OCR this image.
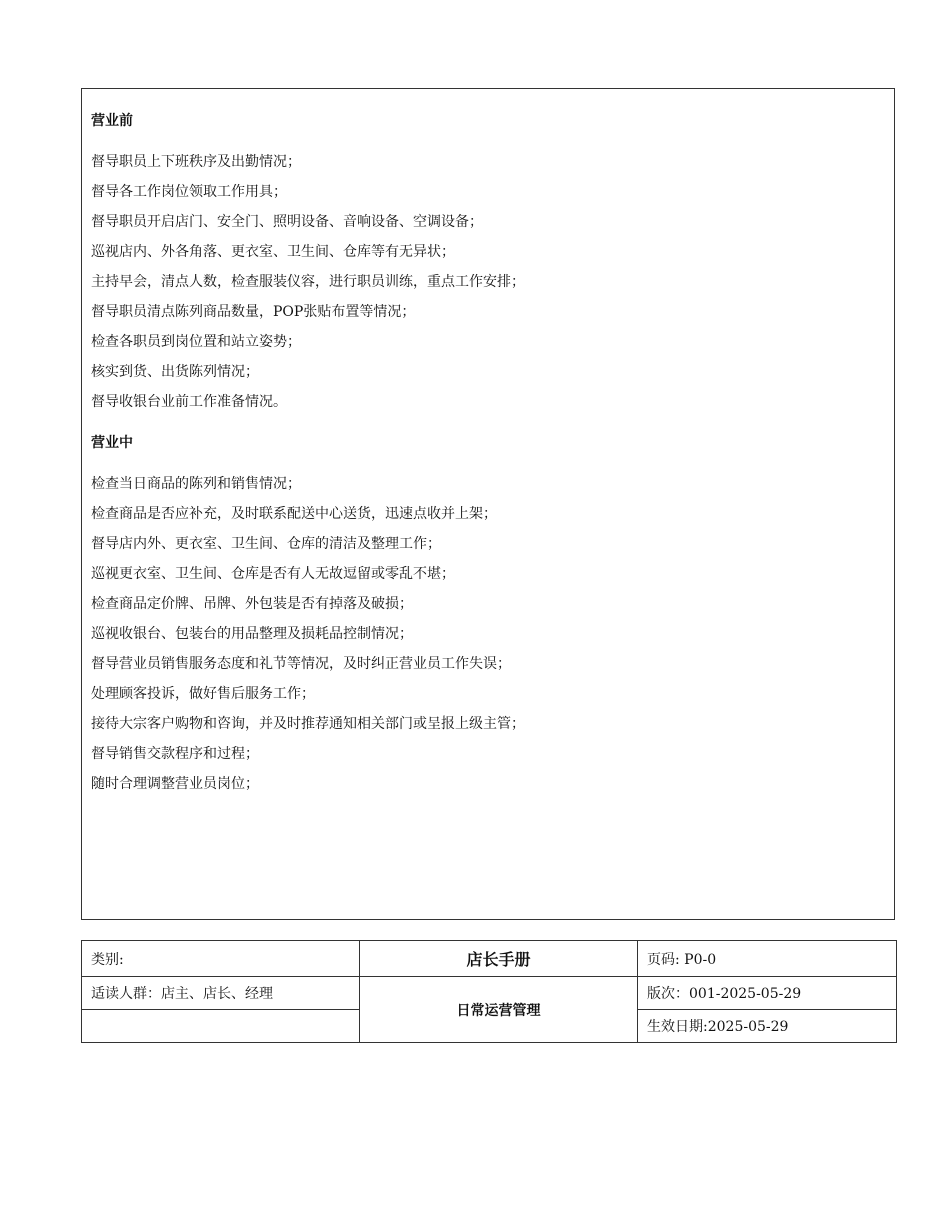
营业前
督导职员上下班秩序及出勤情况；
督导各工作岗位领取工作用具；
督导职员开启店门、安全门、照明设备、音响设备、空调设备；
巡视店内、外各角落、更衣室、卫生间、仓库等有无异状；
主持早会，清点人数，检查服装仪容，进行职员训练，重点工作安排；
督导职员清点陈列商品数量，POP张贴布置等情况；
检查各职员到岗位置和站立姿势；
核实到货、出货陈列情况；
督导收银台业前工作准备情况。
营业中
检查当日商品的陈列和销售情况；
检查商品是否应补充，及时联系配送中心送货，迅速点收并上架；
督导店内外、更衣室、卫生间、仓库的清洁及整理工作；
巡视更衣室、卫生间、仓库是否有人无故逗留或零乱不堪；
检查商品定价牌、吊牌、外包装是否有掉落及破损；
巡视收银台、包装台的用品整理及损耗品控制情况；
督导营业员销售服务态度和礼节等情况，及时纠正营业员工作失误；
处理顾客投诉，做好售后服务工作；
接待大宗客户购物和咨询，并及时推荐通知相关部门或呈报上级主管；
督导销售交款程序和过程；
随时合理调整营业员岗位；
类别:	店长手册	页码: P0-0
适读人群：店主、店长、经理	日常运营管理	版次：001-2025-05-29
		生效日期:2025-05-29
